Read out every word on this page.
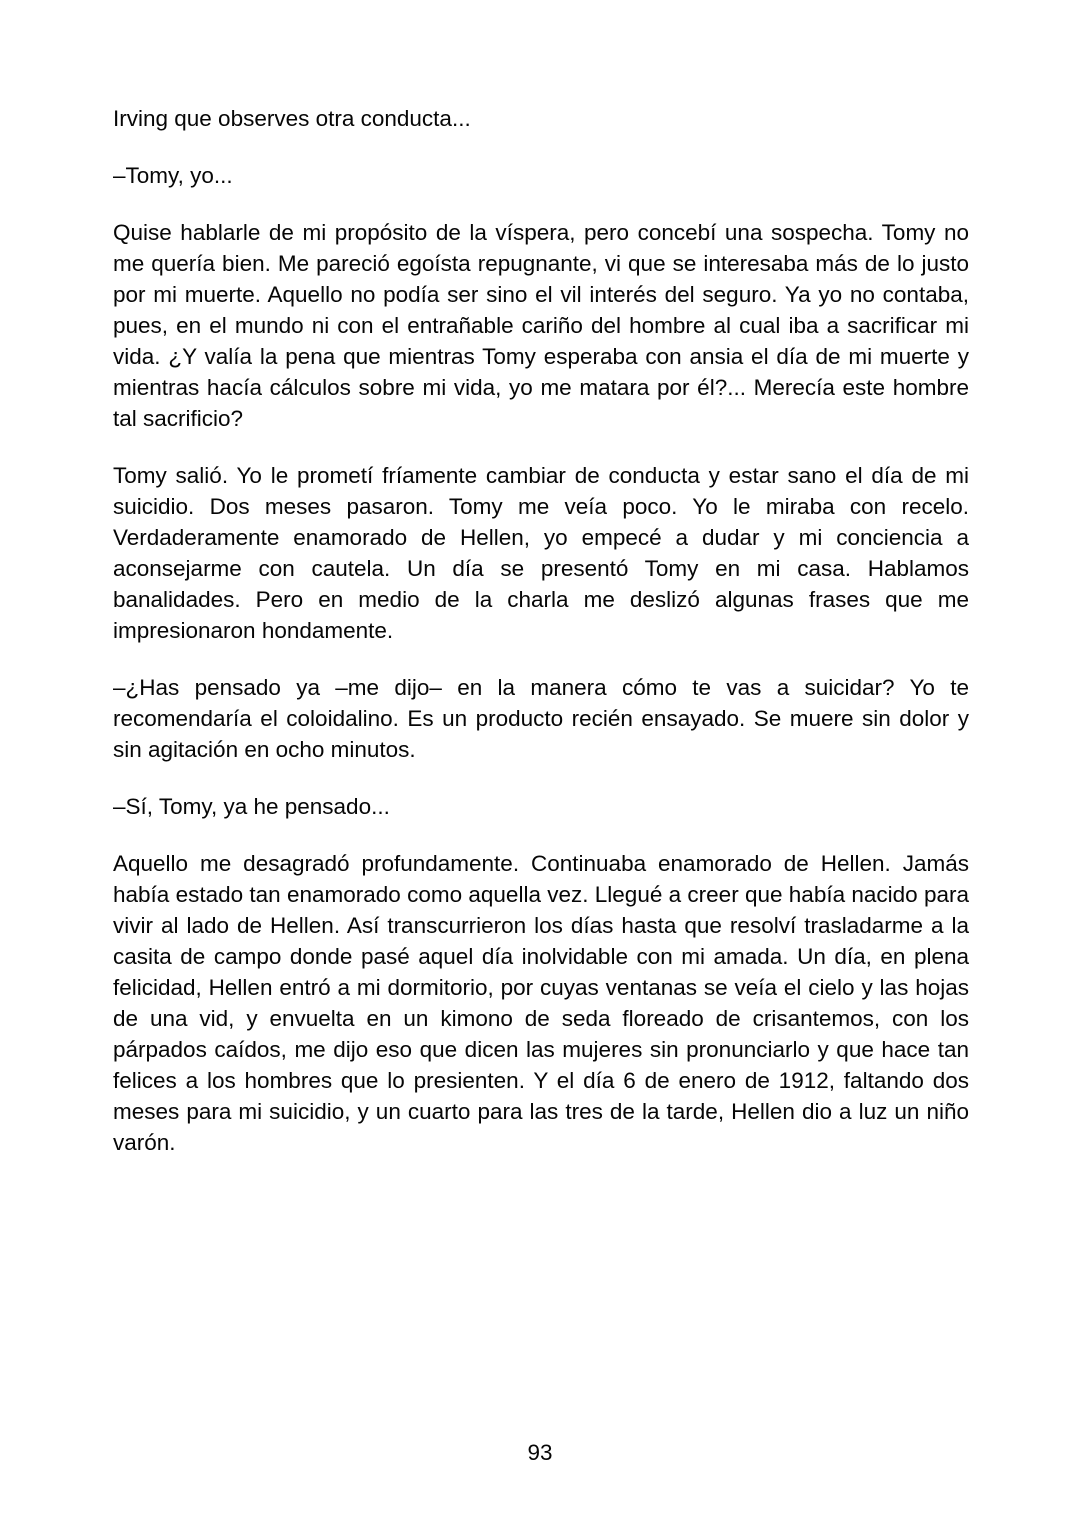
Irving que observes otra conducta...

–Tomy, yo...

Quise hablarle de mi propósito de la víspera, pero concebí una sospecha. Tomy no me quería bien. Me pareció egoísta repugnante, vi que se interesaba más de lo justo por mi muerte. Aquello no podía ser sino el vil interés del seguro. Ya yo no contaba, pues, en el mundo ni con el entrañable cariño del hombre al cual iba a sacrificar mi vida. ¿Y valía la pena que mientras Tomy esperaba con ansia el día de mi muerte y mientras hacía cálculos sobre mi vida, yo me matara por él?... Merecía este hombre tal sacrificio?

Tomy salió. Yo le prometí fríamente cambiar de conducta y estar sano el día de mi suicidio. Dos meses pasaron. Tomy me veía poco. Yo le miraba con recelo. Verdaderamente enamorado de Hellen, yo empecé a dudar y mi conciencia a aconsejarme con cautela. Un día se presentó Tomy en mi casa. Hablamos banalidades. Pero en medio de la charla me deslizó algunas frases que me impresionaron hondamente.

–¿Has pensado ya –me dijo– en la manera cómo te vas a suicidar? Yo te recomendaría el coloidalino. Es un producto recién ensayado. Se muere sin dolor y sin agitación en ocho minutos.

–Sí, Tomy, ya he pensado...

Aquello me desagradó profundamente. Continuaba enamorado de Hellen. Jamás había estado tan enamorado como aquella vez. Llegué a creer que había nacido para vivir al lado de Hellen. Así transcurrieron los días hasta que resolví trasladarme a la casita de campo donde pasé aquel día inolvidable con mi amada. Un día, en plena felicidad, Hellen entró a mi dormitorio, por cuyas ventanas se veía el cielo y las hojas de una vid, y envuelta en un kimono de seda floreado de crisantemos, con los párpados caídos, me dijo eso que dicen las mujeres sin pronunciarlo y que hace tan felices a los hombres que lo presienten. Y el día 6 de enero de 1912, faltando dos meses para mi suicidio, y un cuarto para las tres de la tarde, Hellen dio a luz un niño varón.

93
